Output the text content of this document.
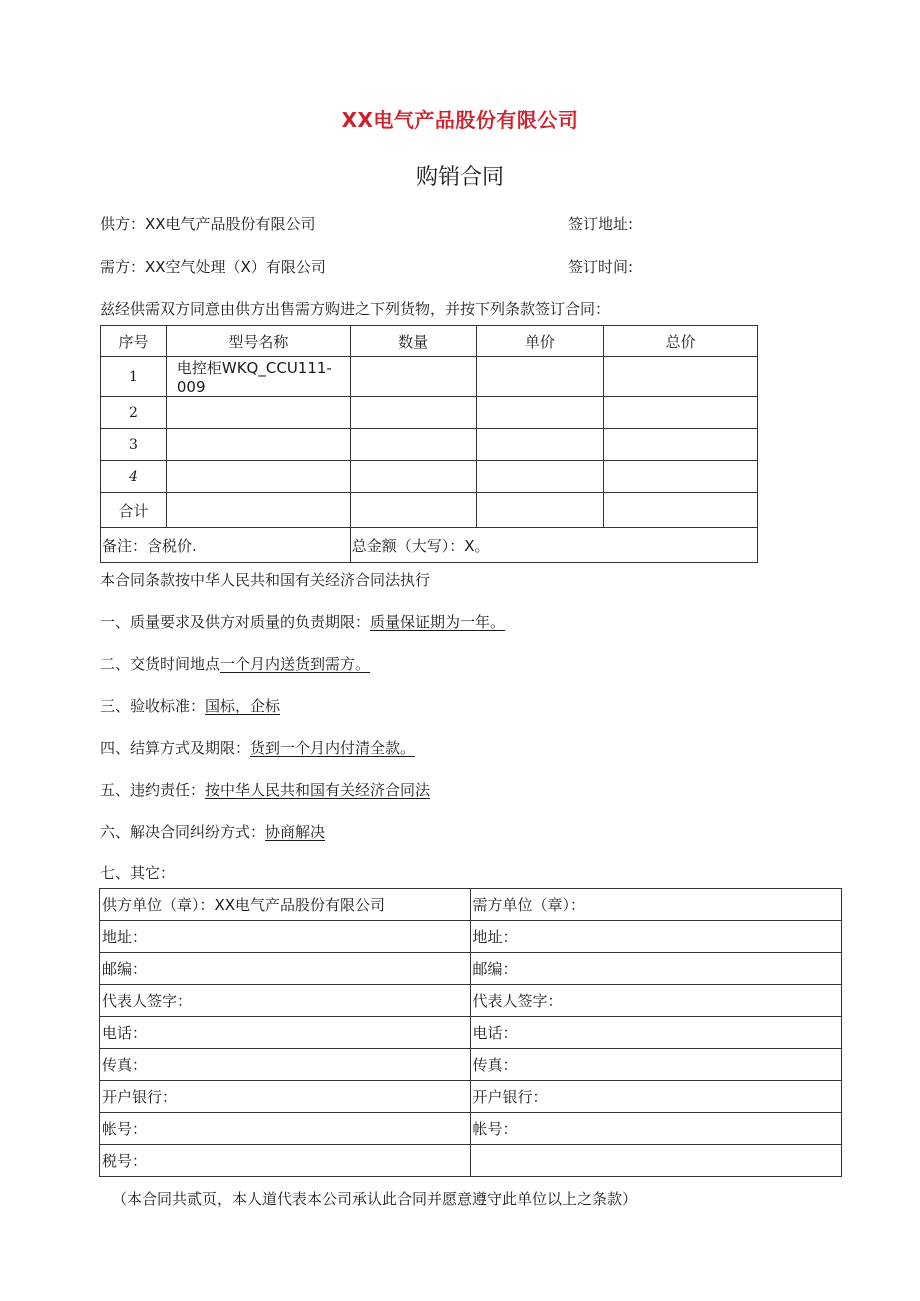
XX电气产品股份有限公司
购销合同
供方：XX电气产品股份有限公司	签订地址:
需方：XX空气处理（X）有限公司	签订时间:
兹经供需双方同意由供方出售需方购进之下列货物，并按下列条款签订合同：
序号	型号名称	数量	单价	总价
1	电控柜WKQ_CCU111-009			
2				
3				
4				
合计				
备注：含税价.		总金额（大写）：X。		
本合同条款按中华人民共和国有关经济合同法执行
一、质量要求及供方对质量的负责期限：质量保证期为一年。
二、交货时间地点一个月内送货到需方。
三、验收标准：国标，企标
四、结算方式及期限：货到一个月内付清全款。
五、违约责任：按中华人民共和国有关经济合同法
六、解决合同纠纷方式：协商解决
七、其它：
供方单位（章）：XX电气产品股份有限公司	需方单位（章）：
地址：	地址：
邮编：	邮编：
代表人签字：	代表人签字：
电话：	电话：
传真：	传真：
开户银行：	开户银行：
帐号：	帐号：
税号：	
（本合同共贰页，本人道代表本公司承认此合同并愿意遵守此单位以上之条款）
